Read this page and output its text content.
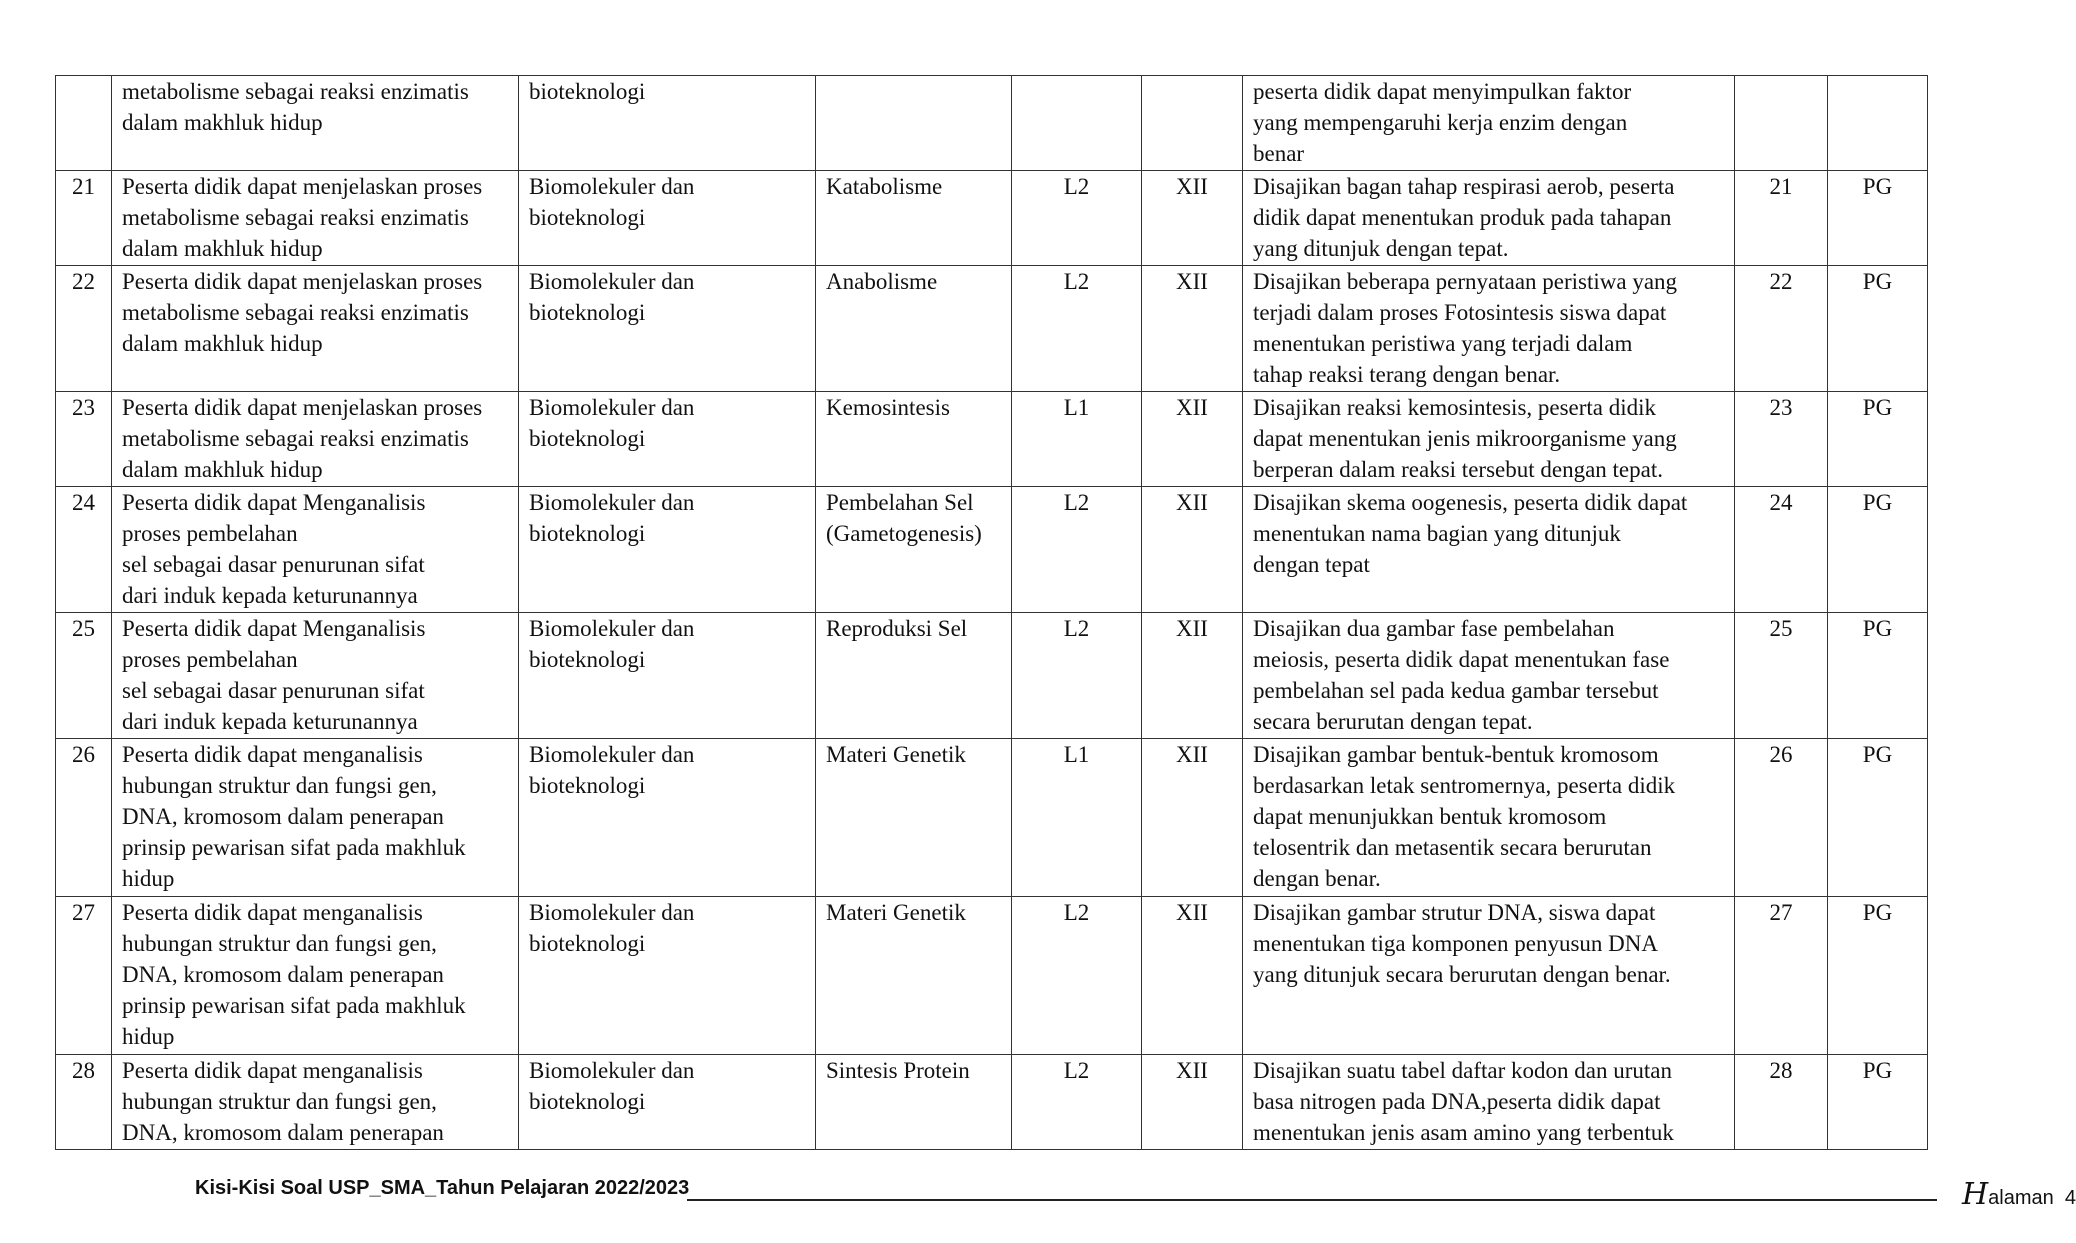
	metabolisme sebagai reaksi enzimatis
dalam makhluk hidup	bioteknologi				peserta didik dapat menyimpulkan faktor
yang mempengaruhi kerja enzim dengan
benar		
21	Peserta didik dapat menjelaskan proses
metabolisme sebagai reaksi enzimatis
dalam makhluk hidup	Biomolekuler dan
bioteknologi	Katabolisme	L2	XII	Disajikan bagan tahap respirasi aerob, peserta
didik dapat menentukan produk pada tahapan
yang ditunjuk dengan tepat.	21	PG
22	Peserta didik dapat menjelaskan proses
metabolisme sebagai reaksi enzimatis
dalam makhluk hidup	Biomolekuler dan
bioteknologi	Anabolisme	L2	XII	Disajikan beberapa pernyataan peristiwa yang
terjadi dalam proses Fotosintesis siswa dapat
menentukan peristiwa yang terjadi dalam
tahap reaksi terang dengan benar.	22	PG
23	Peserta didik dapat menjelaskan proses
metabolisme sebagai reaksi enzimatis
dalam makhluk hidup	Biomolekuler dan
bioteknologi	Kemosintesis	L1	XII	Disajikan reaksi kemosintesis, peserta didik
dapat menentukan jenis mikroorganisme yang
berperan dalam reaksi tersebut dengan tepat.	23	PG
24	Peserta didik dapat Menganalisis
proses pembelahan
sel sebagai dasar penurunan sifat
dari induk kepada keturunannya	Biomolekuler dan
bioteknologi	Pembelahan Sel
(Gametogenesis)	L2	XII	Disajikan skema oogenesis, peserta didik dapat
menentukan nama bagian yang ditunjuk
dengan tepat	24	PG
25	Peserta didik dapat Menganalisis
proses pembelahan
sel sebagai dasar penurunan sifat
dari induk kepada keturunannya	Biomolekuler dan
bioteknologi	Reproduksi Sel	L2	XII	Disajikan dua gambar fase pembelahan
meiosis, peserta didik dapat menentukan fase
pembelahan sel pada kedua gambar tersebut
secara berurutan dengan tepat.	25	PG
26	Peserta didik dapat menganalisis
hubungan struktur dan fungsi gen,
DNA, kromosom dalam penerapan
prinsip pewarisan sifat pada makhluk
hidup	Biomolekuler dan
bioteknologi	Materi Genetik	L1	XII	Disajikan gambar bentuk-bentuk kromosom
berdasarkan letak sentromernya, peserta didik
dapat menunjukkan bentuk kromosom
telosentrik dan metasentik secara berurutan
dengan benar.	26	PG
27	Peserta didik dapat menganalisis
hubungan struktur dan fungsi gen,
DNA, kromosom dalam penerapan
prinsip pewarisan sifat pada makhluk
hidup	Biomolekuler dan
bioteknologi	Materi Genetik	L2	XII	Disajikan gambar strutur DNA, siswa dapat
menentukan tiga komponen penyusun DNA
yang ditunjuk secara berurutan dengan benar.	27	PG
28	Peserta didik dapat menganalisis
hubungan struktur dan fungsi gen,
DNA, kromosom dalam penerapan	Biomolekuler dan
bioteknologi	Sintesis Protein	L2	XII	Disajikan suatu tabel daftar kodon dan urutan
basa nitrogen pada DNA,peserta didik dapat
menentukan jenis asam amino yang terbentuk	28	PG
Kisi-Kisi Soal USP_SMA_Tahun Pelajaran 2022/2023	Halaman 4
